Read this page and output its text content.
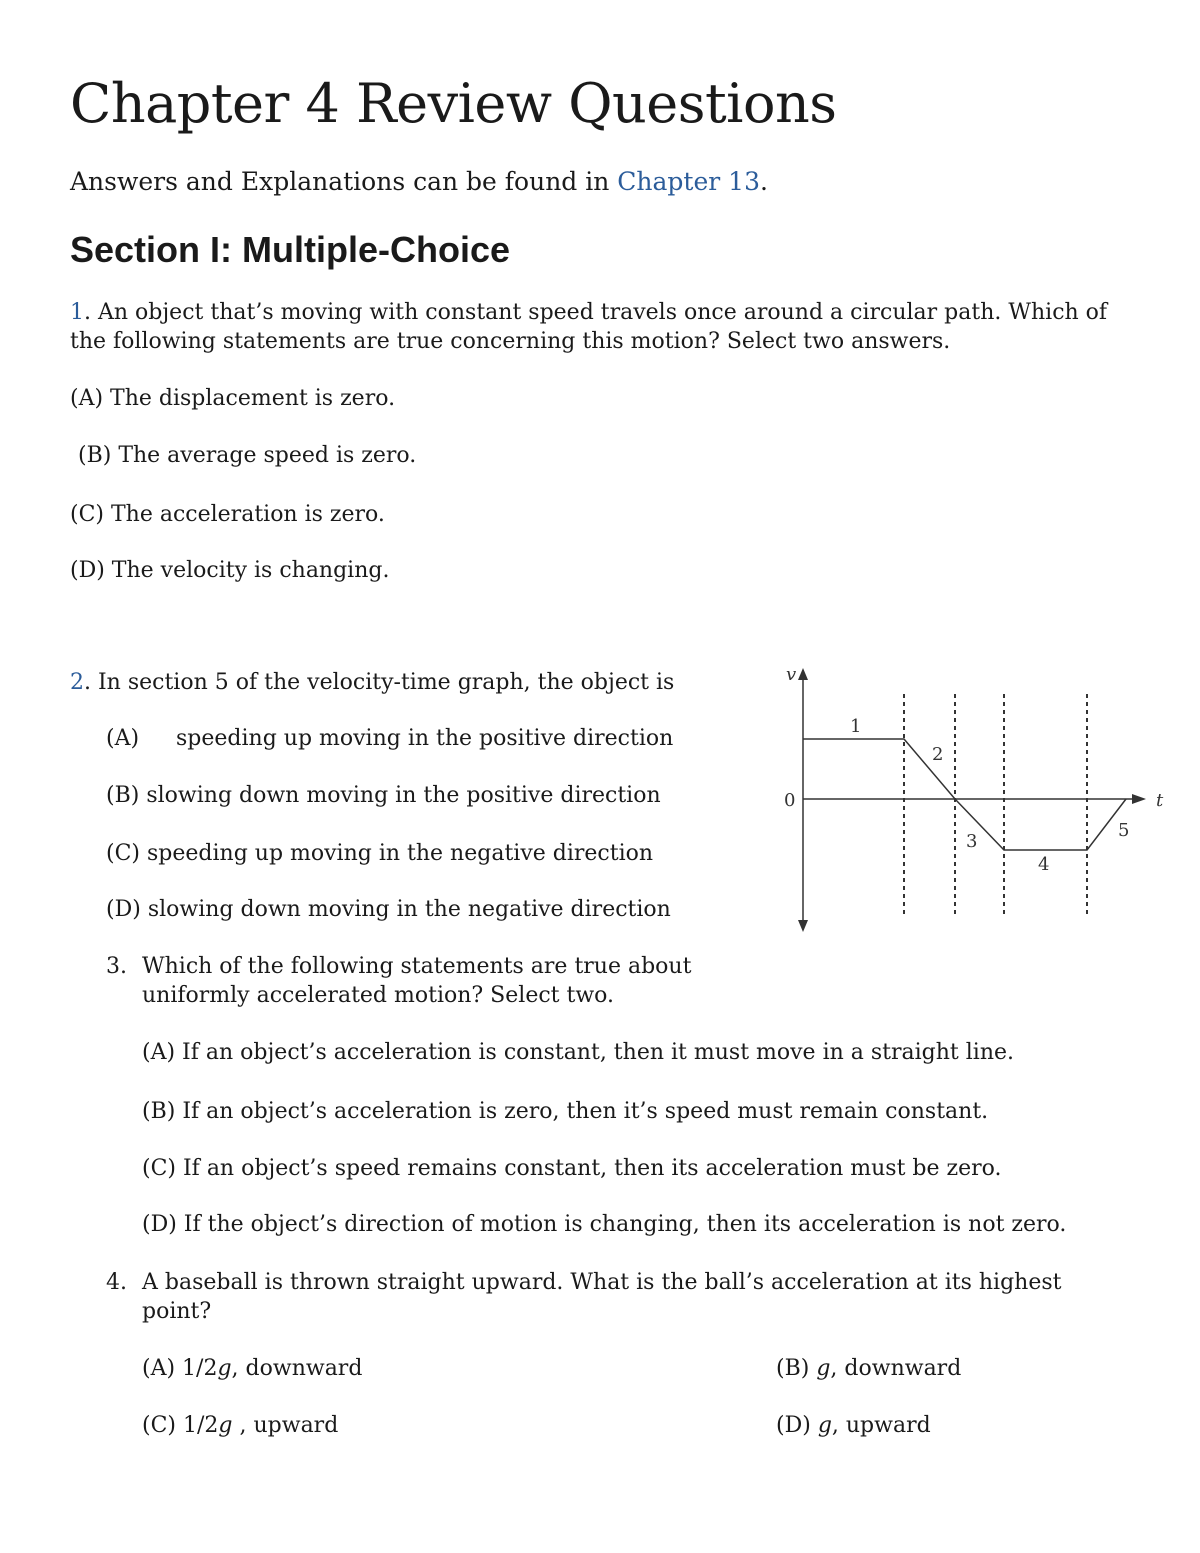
Chapter 4 Review Questions
Answers and Explanations can be found in Chapter 13.
Section I: Multiple-Choice
1. An object that’s moving with constant speed travels once around a circular path. Which of the following statements are true concerning this motion? Select two answers.
(A) The displacement is zero.
(B) The average speed is zero.
(C) The acceleration is zero.
(D) The velocity is changing.
2. In section 5 of the velocity-time graph, the object is
(A) speeding up moving in the positive direction
(B) slowing down moving in the positive direction
(C) speeding up moving in the negative direction
(D) slowing down moving in the negative direction
v
t
0
1
2
3
4
5
3. Which of the following statements are true about uniformly accelerated motion? Select two.
(A) If an object’s acceleration is constant, then it must move in a straight line.
(B) If an object’s acceleration is zero, then it’s speed must remain constant.
(C) If an object’s speed remains constant, then its acceleration must be zero.
(D) If the object’s direction of motion is changing, then its acceleration is not zero.
4. A baseball is thrown straight upward. What is the ball’s acceleration at its highest point?
(A) 1/2g, downward	(B) g, downward
(C) 1/2g , upward	(D) g, upward
